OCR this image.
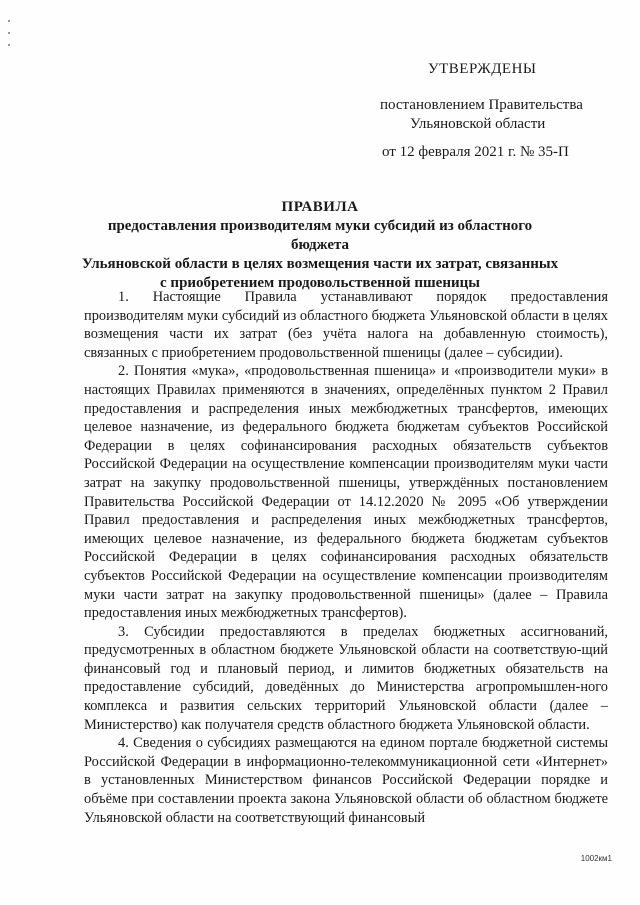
УТВЕРЖДЕНЫ
постановлением Правительства
Ульяновской области
от 12 февраля 2021 г. № 35-П
ПРАВИЛА
предоставления производителям муки субсидий из областного бюджета
Ульяновской области в целях возмещения части их затрат, связанных
с приобретением продовольственной пшеницы

1. Настоящие Правила устанавливают порядок предоставления производителям муки субсидий из областного бюджета Ульяновской области в целях возмещения части их затрат (без учёта налога на добавленную стоимость), связанных с приобретением продовольственной пшеницы (далее – субсидии).

2. Понятия «мука», «продовольственная пшеница» и «производители муки» в настоящих Правилах применяются в значениях, определённых пунктом 2 Правил предоставления и распределения иных межбюджетных трансфертов, имеющих целевое назначение, из федерального бюджета бюджетам субъектов Российской Федерации в целях софинансирования расходных обязательств субъектов Российской Федерации на осуществление компенсации производителям муки части затрат на закупку продовольственной пшеницы, утверждённых постановлением Правительства Российской Федерации от 14.12.2020 № 2095 «Об утверждении Правил предоставления и распределения иных межбюджетных трансфертов, имеющих целевое назначение, из федерального бюджета бюджетам субъектов Российской Федерации в целях софинансирования расходных обязательств субъектов Российской Федерации на осуществление компенсации производителям муки части затрат на закупку продовольственной пшеницы» (далее – Правила предоставления иных межбюджетных трансфертов).

3. Субсидии предоставляются в пределах бюджетных ассигнований, предусмотренных в областном бюджете Ульяновской области на соответствую-щий финансовый год и плановый период, и лимитов бюджетных обязательств на предоставление субсидий, доведённых до Министерства агропромышлен-ного комплекса и развития сельских территорий Ульяновской области (далее – Министерство) как получателя средств областного бюджета Ульяновской области.

4. Сведения о субсидиях размещаются на едином портале бюджетной системы Российской Федерации в информационно-телекоммуникационной сети «Интернет» в установленных Министерством финансов Российской Федерации порядке и объёме при составлении проекта закона Ульяновской области об областном бюджете Ульяновской области на соответствующий финансовый

1002км1
